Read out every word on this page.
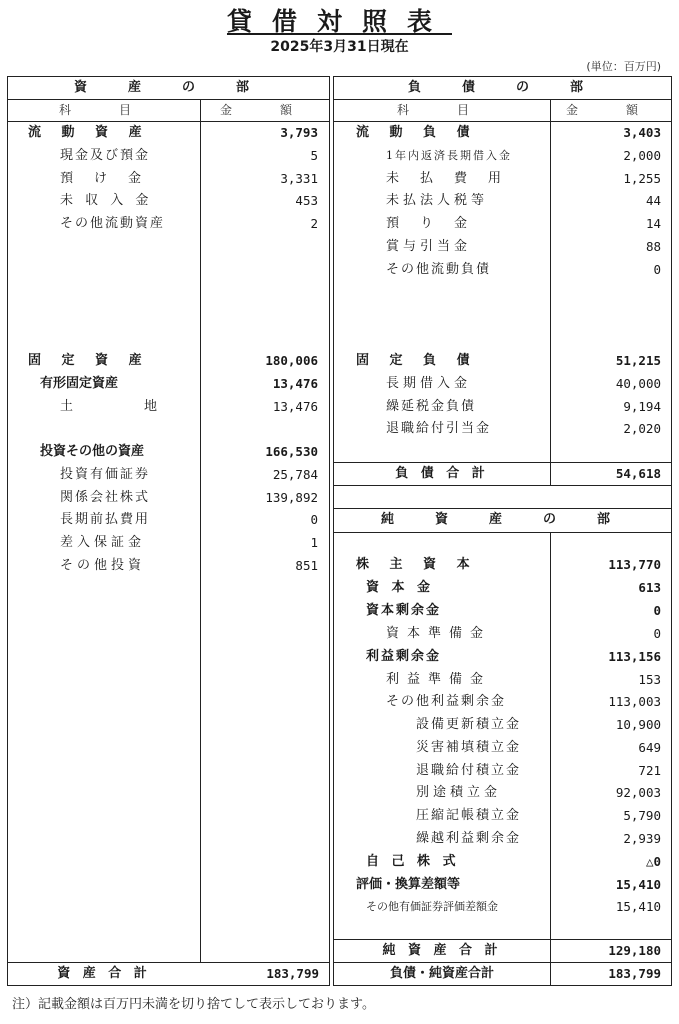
貸借対照表
2025年3月31日現在
(単位：百万円)
資　産　の　部
科　目	金　額
流 動 資 産	3,793
現金及び預金	5
預　け　金	3,331
未 収 入 金	453
その他流動資産	2
固 定 資 産	180,006
有形固定資産	13,476
土　　　地	13,476
投資その他の資産	166,530
投資有価証券	25,784
関係会社株式	139,892
長期前払費用	0
差入保証金	1
その他投資	851
資 産 合 計	183,799
負　債　の　部
科　目	金　額
流 動 負 債	3,403
1年内返済長期借入金	2,000
未　払　費　用	1,255
未払法人税等	44
預　り　金	14
賞与引当金	88
その他流動負債	0
固 定 負 債	51,215
長期借入金	40,000
繰延税金負債	9,194
退職給付引当金	2,020
負 債 合 計	54,618
純　資　産　の　部
株 主 資 本	113,770
資 本 金	613
資本剰余金	0
資本準備金	0
利益剰余金	113,156
利益準備金	153
その他利益剰余金	113,003
設備更新積立金	10,900
災害補填積立金	649
退職給付積立金	721
別途積立金	92,003
圧縮記帳積立金	5,790
繰越利益剰余金	2,939
自 己 株 式	△0
評価・換算差額等	15,410
その他有価証券評価差額金	15,410
純 資 産 合 計	129,180
負債・純資産合計	183,799
注）記載金額は百万円未満を切り捨てして表示しております。
